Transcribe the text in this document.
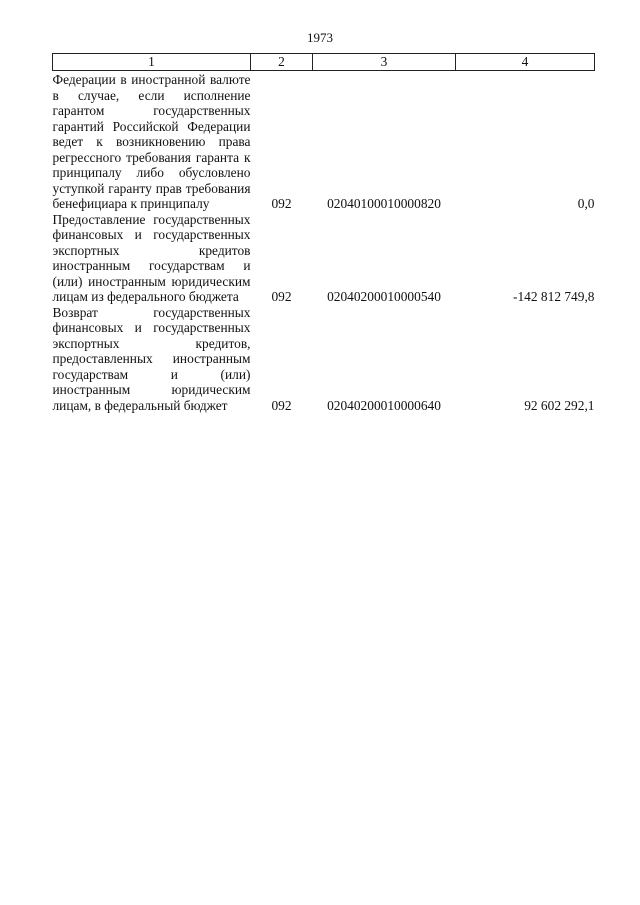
1973
1	2	3	4
Федерации в иностранной валюте в случае, если исполнение гарантом государственных гарантий Российской Федерации ведет к возникновению права регрессного требования гаранта к принципалу либо обусловлено уступкой гаранту прав требования бенефициара к принципалу	092	02040100010000820	0,0
Предоставление государственных финансовых и государственных экспортных кредитов иностранным государствам и (или) иностранным юридическим лицам из федерального бюджета	092	02040200010000540	-142 812 749,8
Возврат государственных финансовых и государственных экспортных кредитов, предоставленных иностранным государствам и (или) иностранным юридическим лицам, в федеральный бюджет	092	02040200010000640	92 602 292,1
